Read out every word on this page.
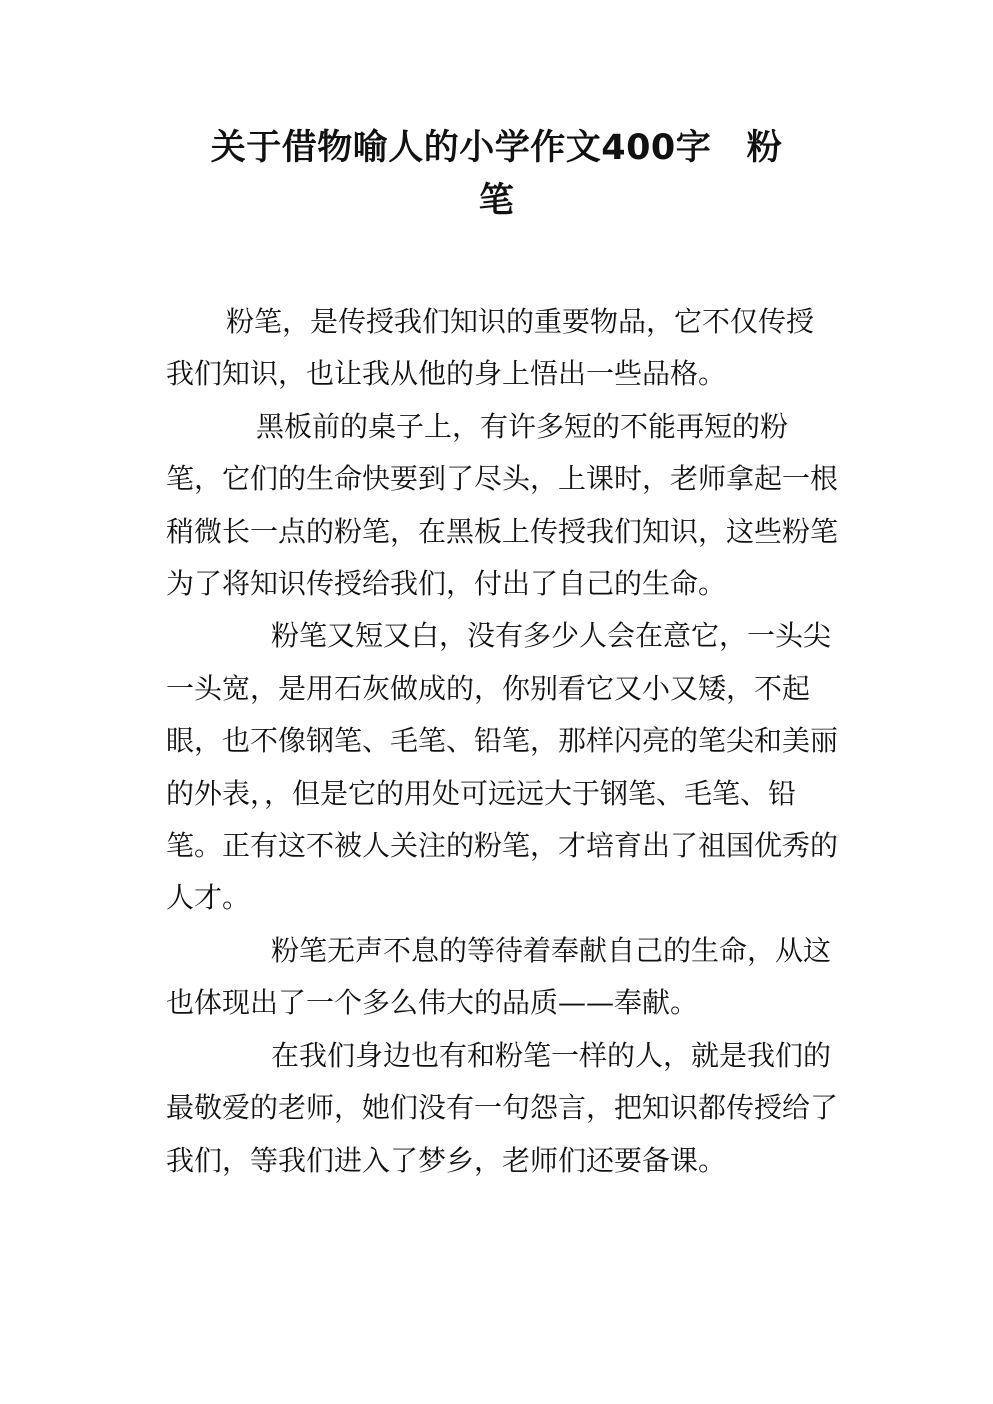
关于借物喻人的小学作文400字　粉
笔

粉笔，是传授我们知识的重要物品，它不仅传授我们知识，也让我从他的身上悟出一些品格。

黑板前的桌子上，有许多短的不能再短的粉笔，它们的生命快要到了尽头，上课时，老师拿起一根稍微长一点的粉笔，在黑板上传授我们知识，这些粉笔为了将知识传授给我们，付出了自己的生命。

粉笔又短又白，没有多少人会在意它，一头尖一头宽，是用石灰做成的，你别看它又小又矮，不起眼，也不像钢笔、毛笔、铅笔，那样闪亮的笔尖和美丽的外表，，但是它的用处可远远大于钢笔、毛笔、铅笔。正有这不被人关注的粉笔，才培育出了祖国优秀的人才。

粉笔无声不息的等待着奉献自己的生命，从这也体现出了一个多么伟大的品质——奉献。

在我们身边也有和粉笔一样的人，就是我们的最敬爱的老师，她们没有一句怨言，把知识都传授给了我们，等我们进入了梦乡，老师们还要备课。
